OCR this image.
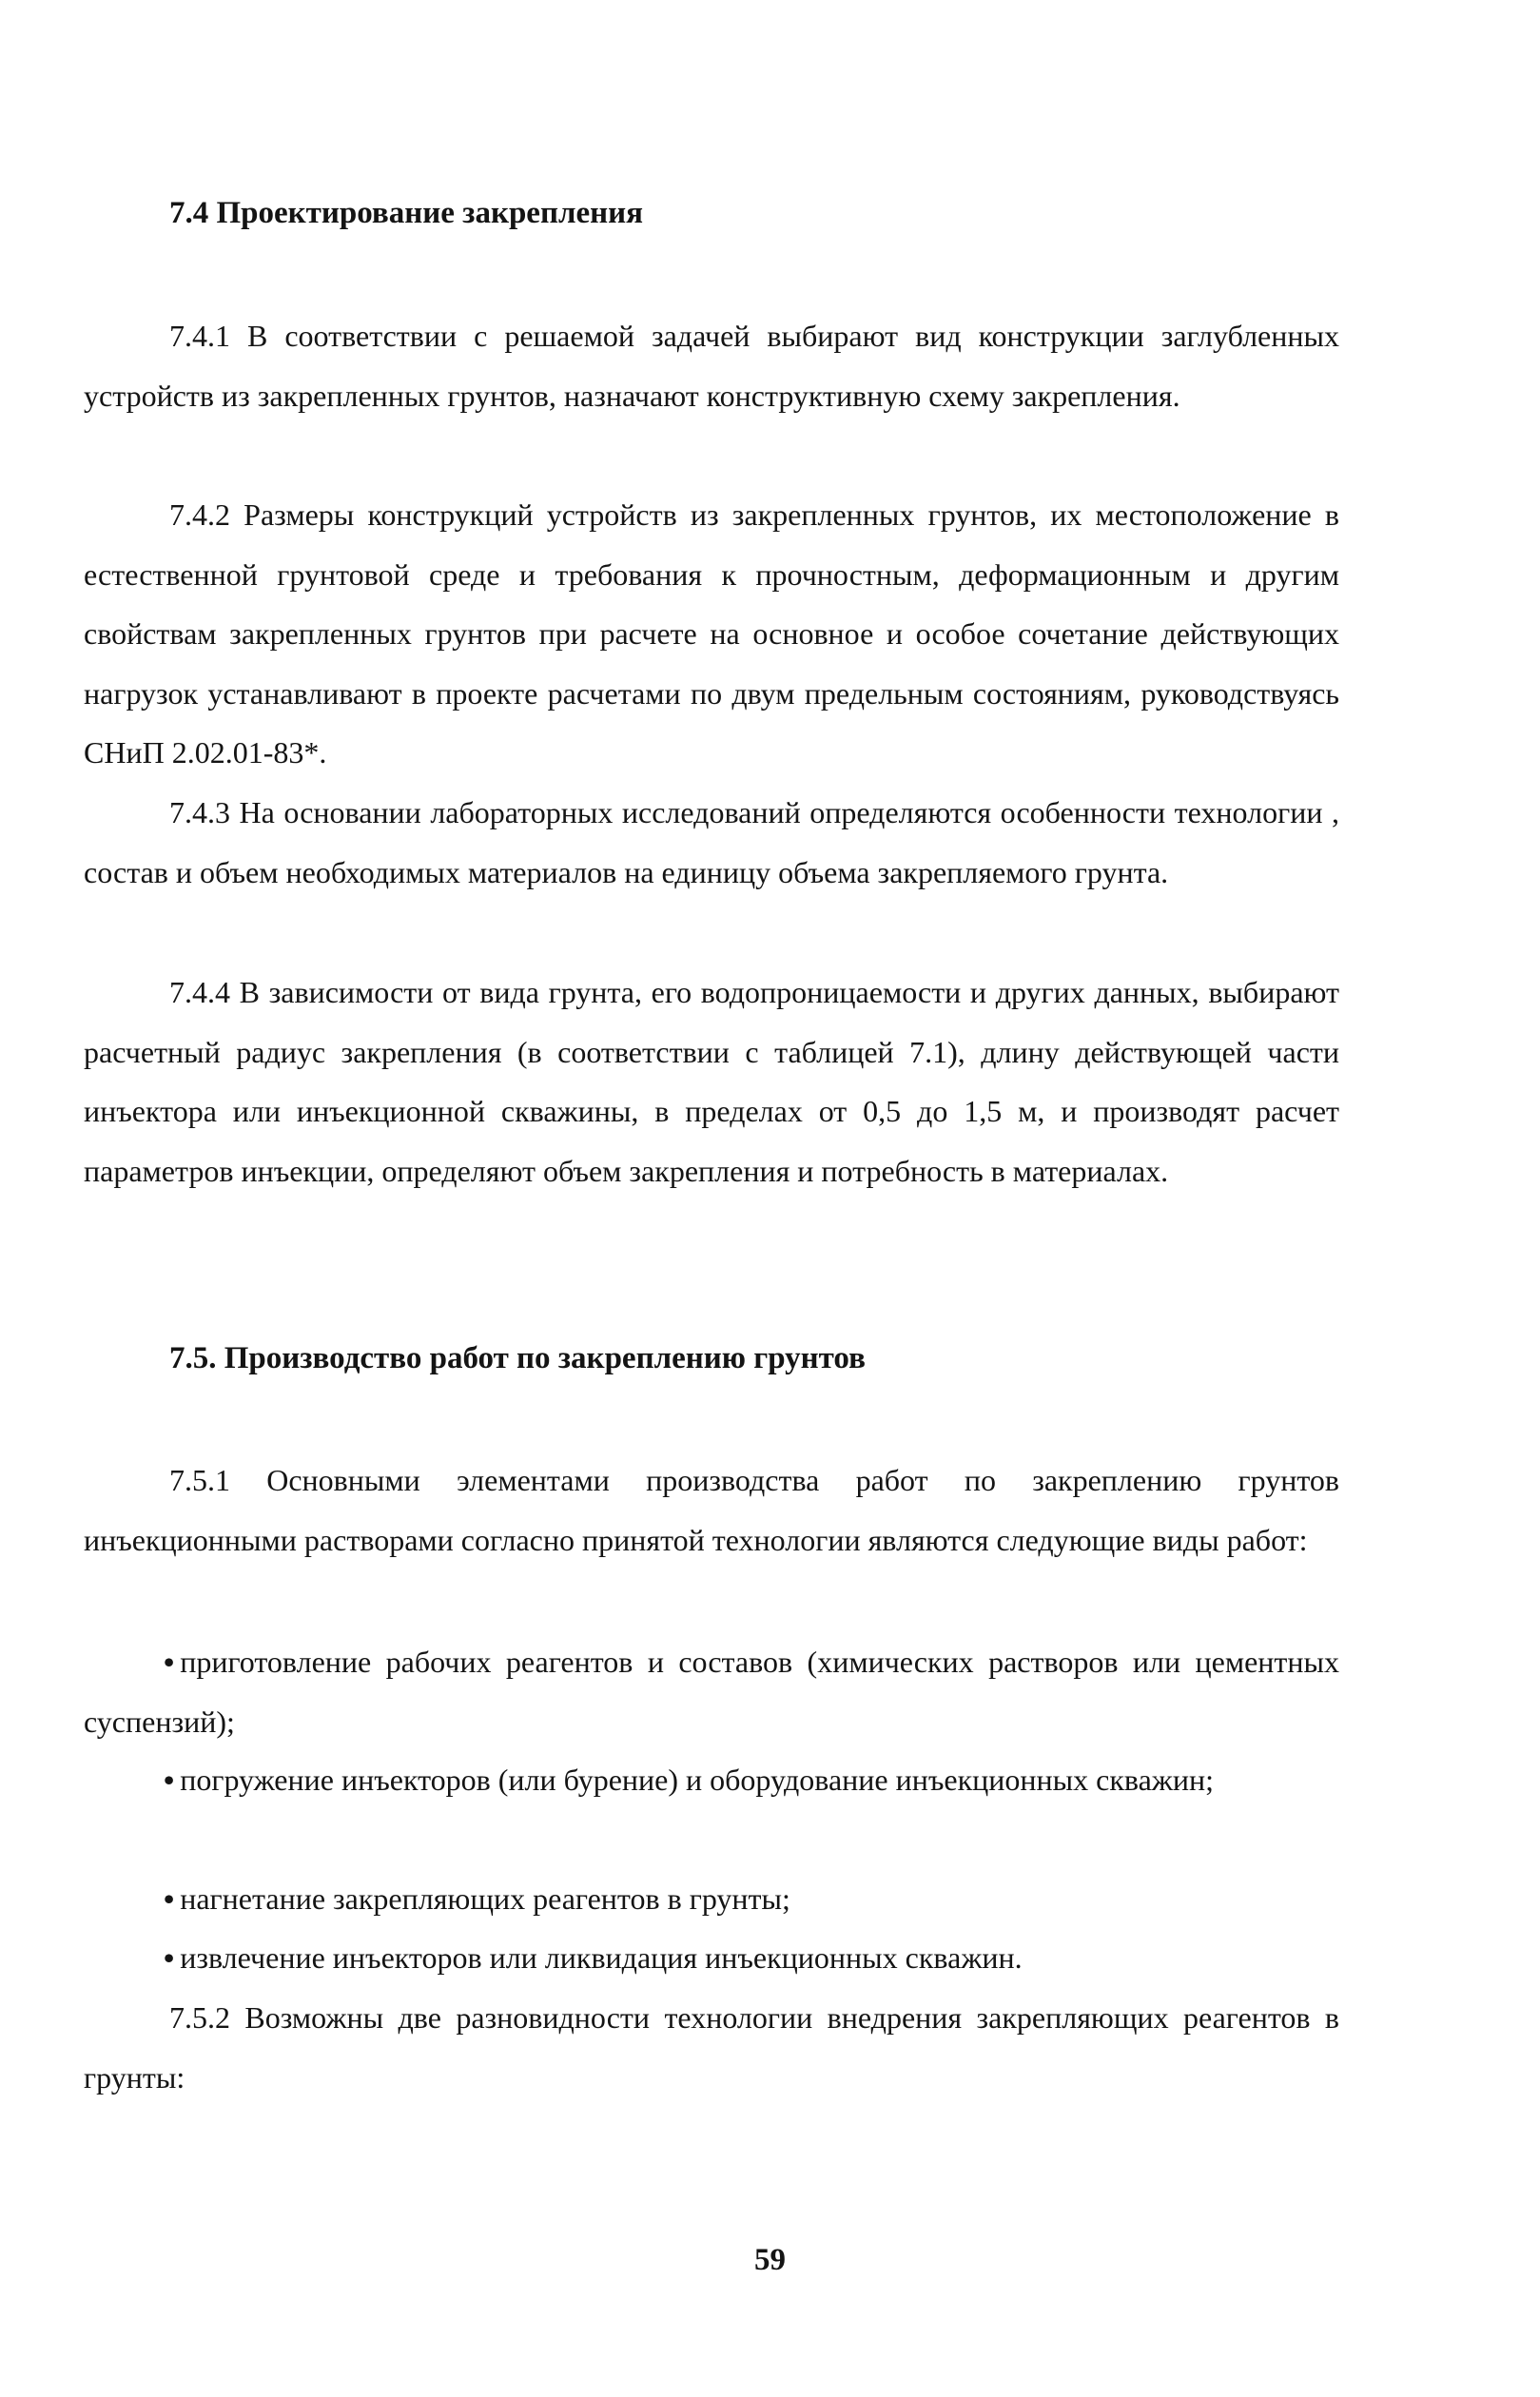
7.4 Проектирование закрепления

7.4.1 В соответствии с решаемой задачей выбирают вид конструкции заглубленных устройств из закрепленных грунтов, назначают конструктивную схему закрепления.

7.4.2 Размеры конструкций устройств из закрепленных грунтов, их местоположение в естественной грунтовой среде и требования к прочностным, деформационным и другим свойствам закрепленных грунтов при расчете на основное и особое сочетание действующих нагрузок устанавливают в проекте расчетами по двум предельным состояниям, руководствуясь СНиП 2.02.01-83*.

7.4.3 На основании лабораторных исследований определяются особенности технологии , состав и объем необходимых материалов на единицу объема закрепляемого грунта.

7.4.4 В зависимости от вида грунта, его водопроницаемости и других данных, выбирают расчетный радиус закрепления (в соответствии с таблицей 7.1), длину действующей части инъектора или инъекционной скважины, в пределах от 0,5 до 1,5 м, и производят расчет параметров инъекции, определяют объем закрепления и потребность в материалах.

7.5. Производство работ по закреплению грунтов

7.5.1 Основными элементами производства работ по закреплению грунтов инъекционными растворами согласно принятой технологии являются следующие виды работ:

• приготовление рабочих реагентов и составов (химических растворов или цементных суспензий);

• погружение инъекторов (или бурение) и оборудование инъекционных скважин;

• нагнетание закрепляющих реагентов в грунты;

• извлечение инъекторов или ликвидация инъекционных скважин.

7.5.2 Возможны две разновидности технологии внедрения закрепляющих реагентов в грунты:

59
